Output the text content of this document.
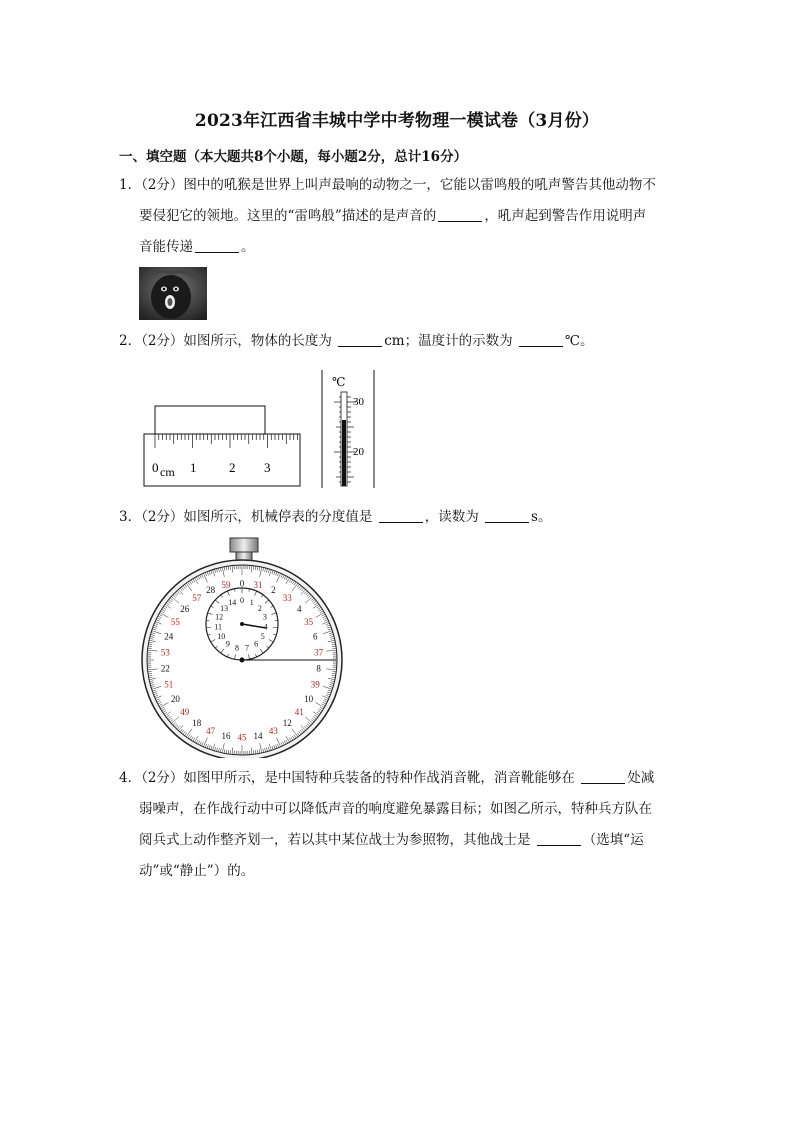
2023年江西省丰城中学中考物理一模试卷（3月份）
一、填空题（本大题共8个小题，每小题2分，总计16分）
1．（2分）图中的吼猴是世界上叫声最响的动物之一，它能以雷鸣般的吼声警告其他动物不
要侵犯它的领地。这里的“雷鸣般”描述的是声音的	，吼声起到警告作用说明声
音能传递	。
2．（2分）如图所示，物体的长度为	cm；温度计的示数为	℃。
0 cm 1	2 3
℃
30
20
3．（2分）如图所示，机械停表的分度值是	，读数为	s。
0
2
4
6
8
10
12
14
16
18
20
22
24
26
28	31
33
35
37
39
41
43
45
47
49
51
53
55
57
59
0 1
2
3
4
5
6
7
8
9
10
11
12
13
14
4．（2分）如图甲所示，是中国特种兵装备的特种作战消音靴，消音靴能够在	处减
弱噪声，在作战行动中可以降低声音的响度避免暴露目标；如图乙所示，特种兵方队在
阅兵式上动作整齐划一，若以其中某位战士为参照物，其他战士是	（选填“运
动”或“静止”）的。
